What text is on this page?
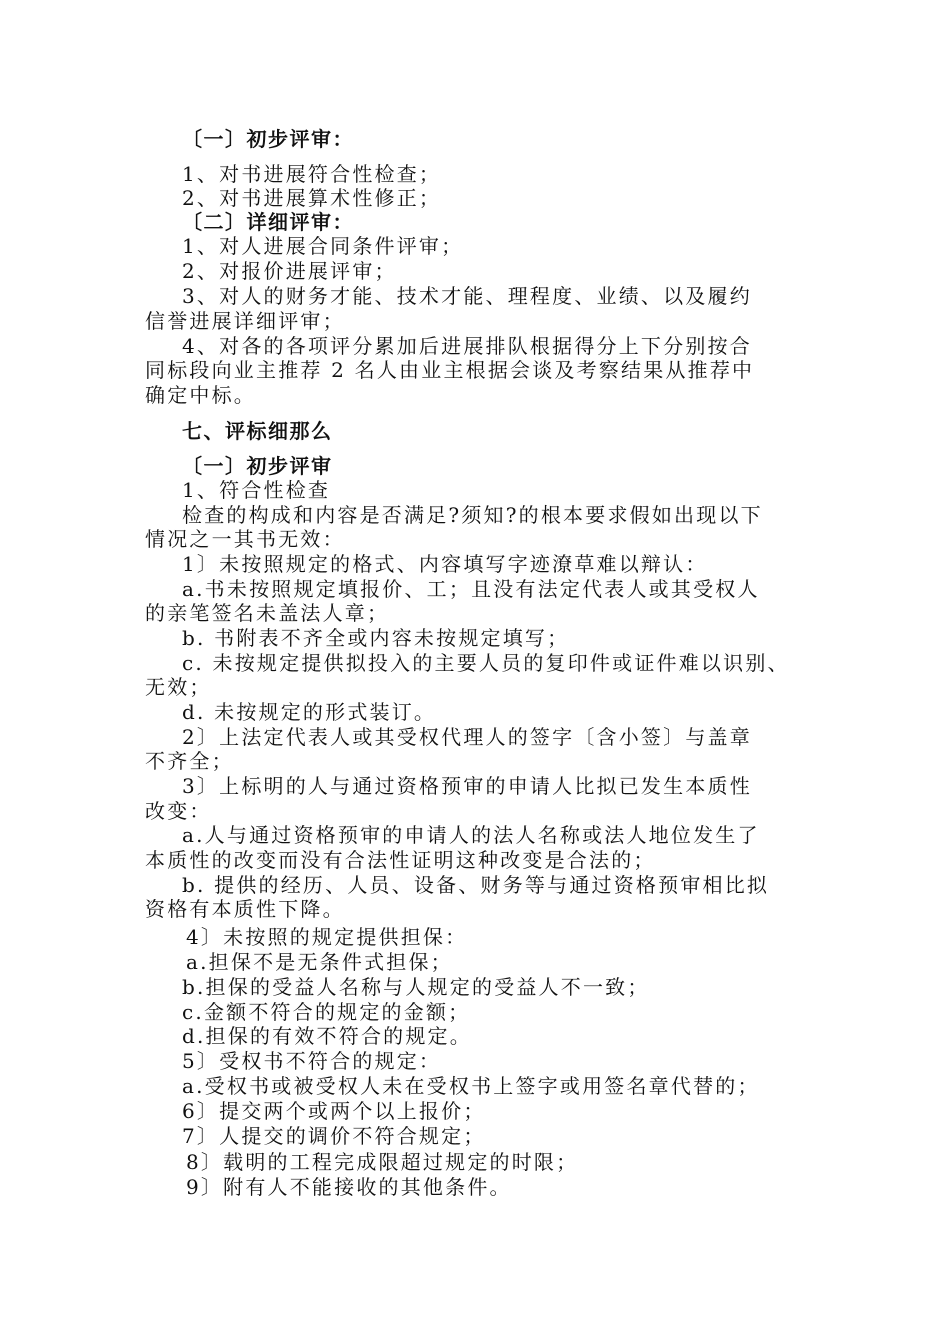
〔一〕初步评审：
1、对书进展符合性检查；
2、对书进展算术性修正；
〔二〕详细评审：
1、对人进展合同条件评审；
2、对报价进展评审；
3、对人的财务才能、技术才能、理程度、业绩、以及履约
信誉进展详细评审；
4、对各的各项评分累加后进展排队根据得分上下分别按合
同标段向业主推荐 2 名人由业主根据会谈及考察结果从推荐中
确定中标。
七、评标细那么
〔一〕初步评审
1、符合性检查
检查的构成和内容是否满足?须知?的根本要求假如出现以下
情况之一其书无效：
1〕未按照规定的格式、内容填写字迹潦草难以辩认：
a.书未按照规定填报价、工；且没有法定代表人或其受权人
的亲笔签名未盖法人章；
b. 书附表不齐全或内容未按规定填写；
c. 未按规定提供拟投入的主要人员的复印件或证件难以识别、
无效；
d. 未按规定的形式装订。
2〕上法定代表人或其受权代理人的签字〔含小签〕与盖章
不齐全；
3〕上标明的人与通过资格预审的申请人比拟已发生本质性
改变：
a.人与通过资格预审的申请人的法人名称或法人地位发生了
本质性的改变而没有合法性证明这种改变是合法的；
b. 提供的经历、人员、设备、财务等与通过资格预审相比拟
资格有本质性下降。
4〕未按照的规定提供担保：
a.担保不是无条件式担保；
b.担保的受益人名称与人规定的受益人不一致；
c.金额不符合的规定的金额；
d.担保的有效不符合的规定。
5〕受权书不符合的规定：
a.受权书或被受权人未在受权书上签字或用签名章代替的；
6〕提交两个或两个以上报价；
7〕人提交的调价不符合规定；
8〕载明的工程完成限超过规定的时限；
9〕附有人不能接收的其他条件。
